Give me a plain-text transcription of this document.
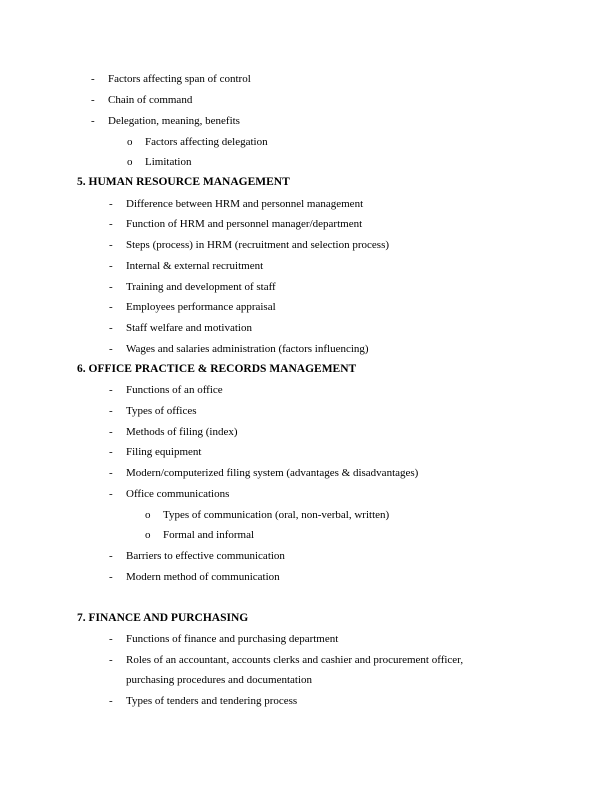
- Factors affecting span of control
- Chain of command
- Delegation, meaning, benefits
o Factors affecting delegation
o Limitation
5. HUMAN RESOURCE MANAGEMENT
- Difference between HRM and personnel management
- Function of HRM and personnel manager/department
- Steps (process) in HRM (recruitment and selection process)
- Internal & external recruitment
- Training and development of staff
- Employees performance appraisal
- Staff welfare and motivation
- Wages and salaries administration (factors influencing)
6. OFFICE PRACTICE & RECORDS MANAGEMENT
- Functions of an office
- Types of offices
- Methods of filing (index)
- Filing equipment
- Modern/computerized filing system (advantages & disadvantages)
- Office communications
o Types of communication (oral, non-verbal, written)
o Formal and informal
- Barriers to effective communication
- Modern method of communication
7. FINANCE AND PURCHASING
- Functions of finance and purchasing department
- Roles of an accountant, accounts clerks and cashier and procurement officer,
purchasing procedures and documentation
- Types of tenders and tendering process
